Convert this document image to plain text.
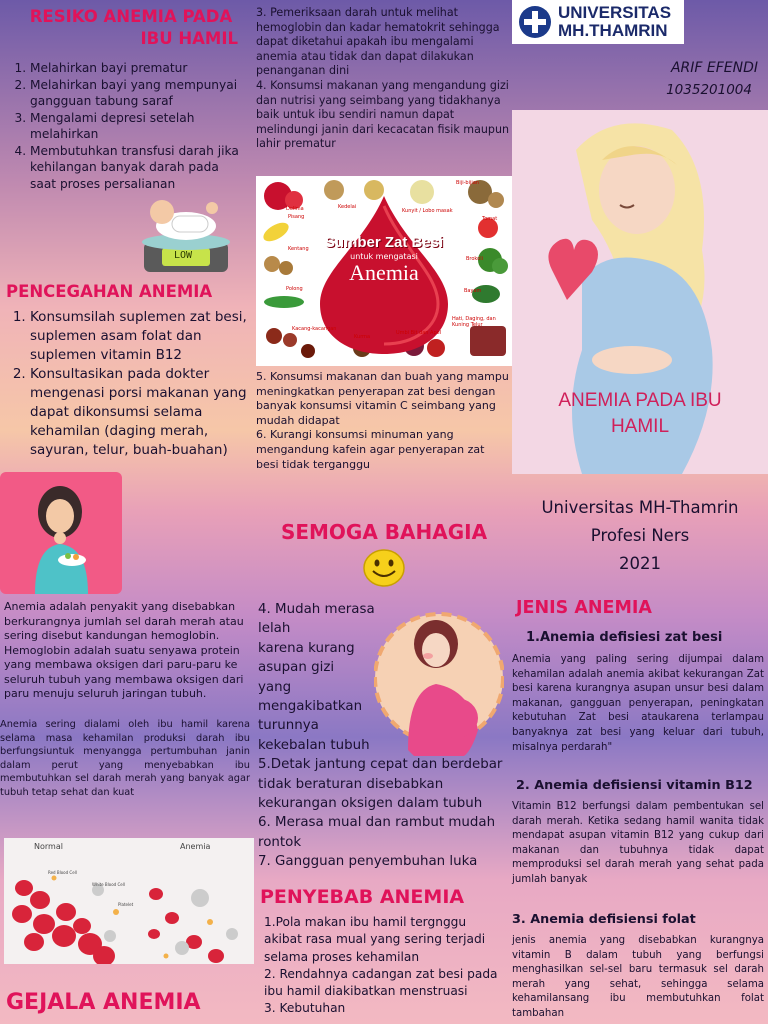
RESIKO ANEMIA PADA
IBU HAMIL
1. Melahirkan bayi prematur
2. Melahirkan bayi yang mempunyai gangguan tabung saraf
3. Mengalami depresi setelah melahirkan
4. Membutuhkan transfusi darah jika kehilangan banyak darah pada saat proses persalianan
LOW
PENCEGAHAN ANEMIA
1. Konsumsilah suplemen zat besi, suplemen asam folat dan suplemen vitamin B12
2. Konsultasikan pada dokter mengenasi porsi makanan yang dapat dikonsumsi selama kehamilan (daging merah, sayuran, telur, buah-buahan)
3. Pemeriksaan darah untuk melihat hemoglobin dan kadar hematokrit sehingga dapat diketahui apakah ibu mengalami anemia atau tidak dan dapat dilakukan penanganan dini
4. Konsumsi makanan yang mengandung gizi dan nutrisi yang seimbang yang tidakhanya baik untuk ibu sendiri namun dapat melindungi janin dari kecacatan fisik maupun lahir prematur
Sumber Zat Besi
untuk mengatasi
Anemia
Delima	Kedelai
Kunyit / Lobo masak
Biji-bijian
Pisang	Tomat
Kentang
Brokoli
Polong	Bayam
Kacang-kacangan
Kurma
Umbi Bit dan Apel
Hati, Daging, dan Kuning Telur
5. Konsumsi makanan dan buah yang mampu meningkatkan penyerapan zat besi dengan banyak konsumsi vitamin C seimbang yang mudah didapat
6. Kurangi konsumsi minuman yang mengandung kafein agar penyerapan zat besi tidak terganggu
SEMOGA BAHAGIA
UNIVERSITAS
MH.THAMRIN
ARIF EFENDI
1035201004
ANEMIA PADA IBU HAMIL
Universitas MH-Thamrin
Profesi Ners
2021
Anemia adalah penyakit yang disebabkan berkurangnya jumlah sel darah merah atau sering disebut kandungan hemoglobin. Hemoglobin adalah suatu senyawa protein yang membawa oksigen dari paru-paru ke seluruh tubuh yang membawa oksigen dari paru menuju seluruh jaringan tubuh.
Anemia sering dialami oleh ibu hamil karena selama masa kehamilan produksi darah ibu berfungsiuntuk menyangga pertumbuhan janin dalam perut yang menyebabkan ibu membutuhkan sel darah merah yang banyak agar tubuh tetap sehat dan kuat
Normal	Anemia
Red Blood Cell
White Blood Cell
Platelet
GEJALA ANEMIA
4. Mudah merasa
lelah
karena kurang
asupan gizi
yang
mengakibatkan
turunnya
kekebalan tubuh
5.Detak jantung cepat dan berdebar tidak beraturan disebabkan kekurangan oksigen dalam tubuh
6. Merasa mual dan rambut mudah rontok
7. Gangguan penyembuhan luka
PENYEBAB ANEMIA
1.Pola makan ibu hamil tergnggu akibat rasa mual yang sering terjadi selama proses kehamilan
2. Rendahnya cadangan zat besi pada ibu hamil diakibatkan menstruasi
3. Kebutuhan
JENIS ANEMIA
1.Anemia defisiesi zat besi
Anemia yang paling sering dijumpai dalam kehamilan adalah anemia akibat kekurangan Zat besi karena kurangnya asupan unsur besi dalam makanan, gangguan penyerapan, peningkatan kebutuhan Zat besi ataukarena terlampau banyaknya zat besi yang keluar dari tubuh, misalnya perdarah"
2. Anemia defisiensi vitamin B12
Vitamin B12 berfungsi dalam pembentukan sel darah merah. Ketika sedang hamil wanita tidak mendapat asupan vitamin B12 yang cukup dari makanan dan tubuhnya tidak dapat memproduksi sel darah merah yang sehat pada jumlah banyak
3. Anemia defisiensi folat
jenis anemia yang disebabkan kurangnya vitamin B dalam tubuh yang berfungsi menghasilkan sel-sel baru termasuk sel darah merah yang sehat, sehingga selama kehamilansang ibu membutuhkan folat tambahan
